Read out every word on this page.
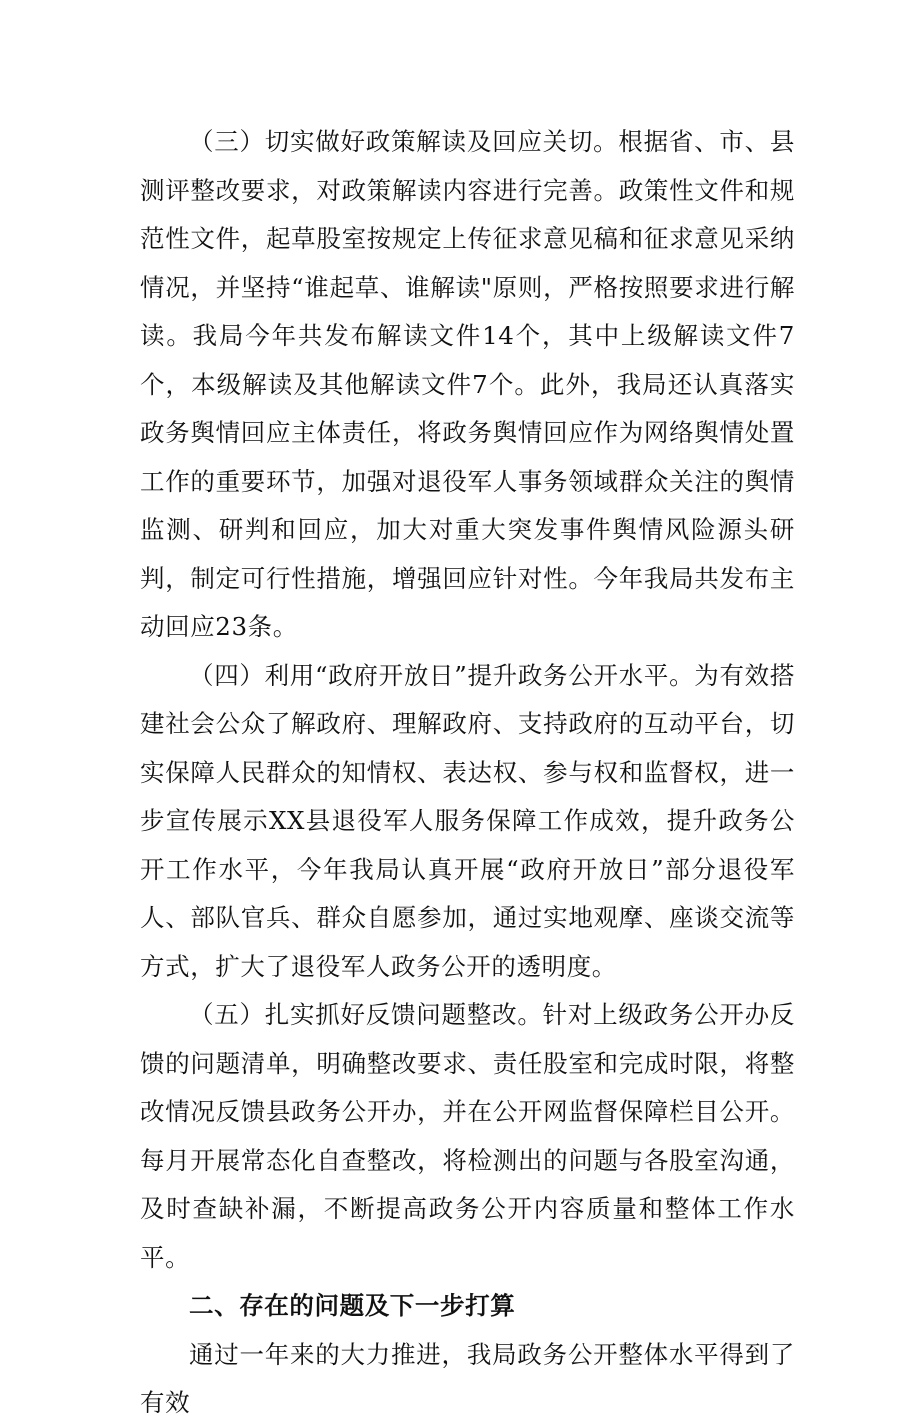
（三）切实做好政策解读及回应关切。根据省、市、县测评整改要求，对政策解读内容进行完善。政策性文件和规范性文件，起草股室按规定上传征求意见稿和征求意见采纳情况，并坚持“谁起草、谁解读"原则，严格按照要求进行解读。我局今年共发布解读文件14个，其中上级解读文件7个，本级解读及其他解读文件7个。此外，我局还认真落实政务舆情回应主体责任，将政务舆情回应作为网络舆情处置工作的重要环节，加强对退役军人事务领域群众关注的舆情监测、研判和回应，加大对重大突发事件舆情风险源头研判，制定可行性措施，增强回应针对性。今年我局共发布主动回应23条。

（四）利用“政府开放日”提升政务公开水平。为有效搭建社会公众了解政府、理解政府、支持政府的互动平台，切实保障人民群众的知情权、表达权、参与权和监督权，进一步宣传展示XX县退役军人服务保障工作成效，提升政务公开工作水平，今年我局认真开展“政府开放日”部分退役军人、部队官兵、群众自愿参加，通过实地观摩、座谈交流等方式，扩大了退役军人政务公开的透明度。

（五）扎实抓好反馈问题整改。针对上级政务公开办反馈的问题清单，明确整改要求、责任股室和完成时限，将整改情况反馈县政务公开办，并在公开网监督保障栏目公开。每月开展常态化自查整改，将检测出的问题与各股室沟通，及时查缺补漏，不断提高政务公开内容质量和整体工作水平。

二、存在的问题及下一步打算

通过一年来的大力推进，我局政务公开整体水平得到了有效
